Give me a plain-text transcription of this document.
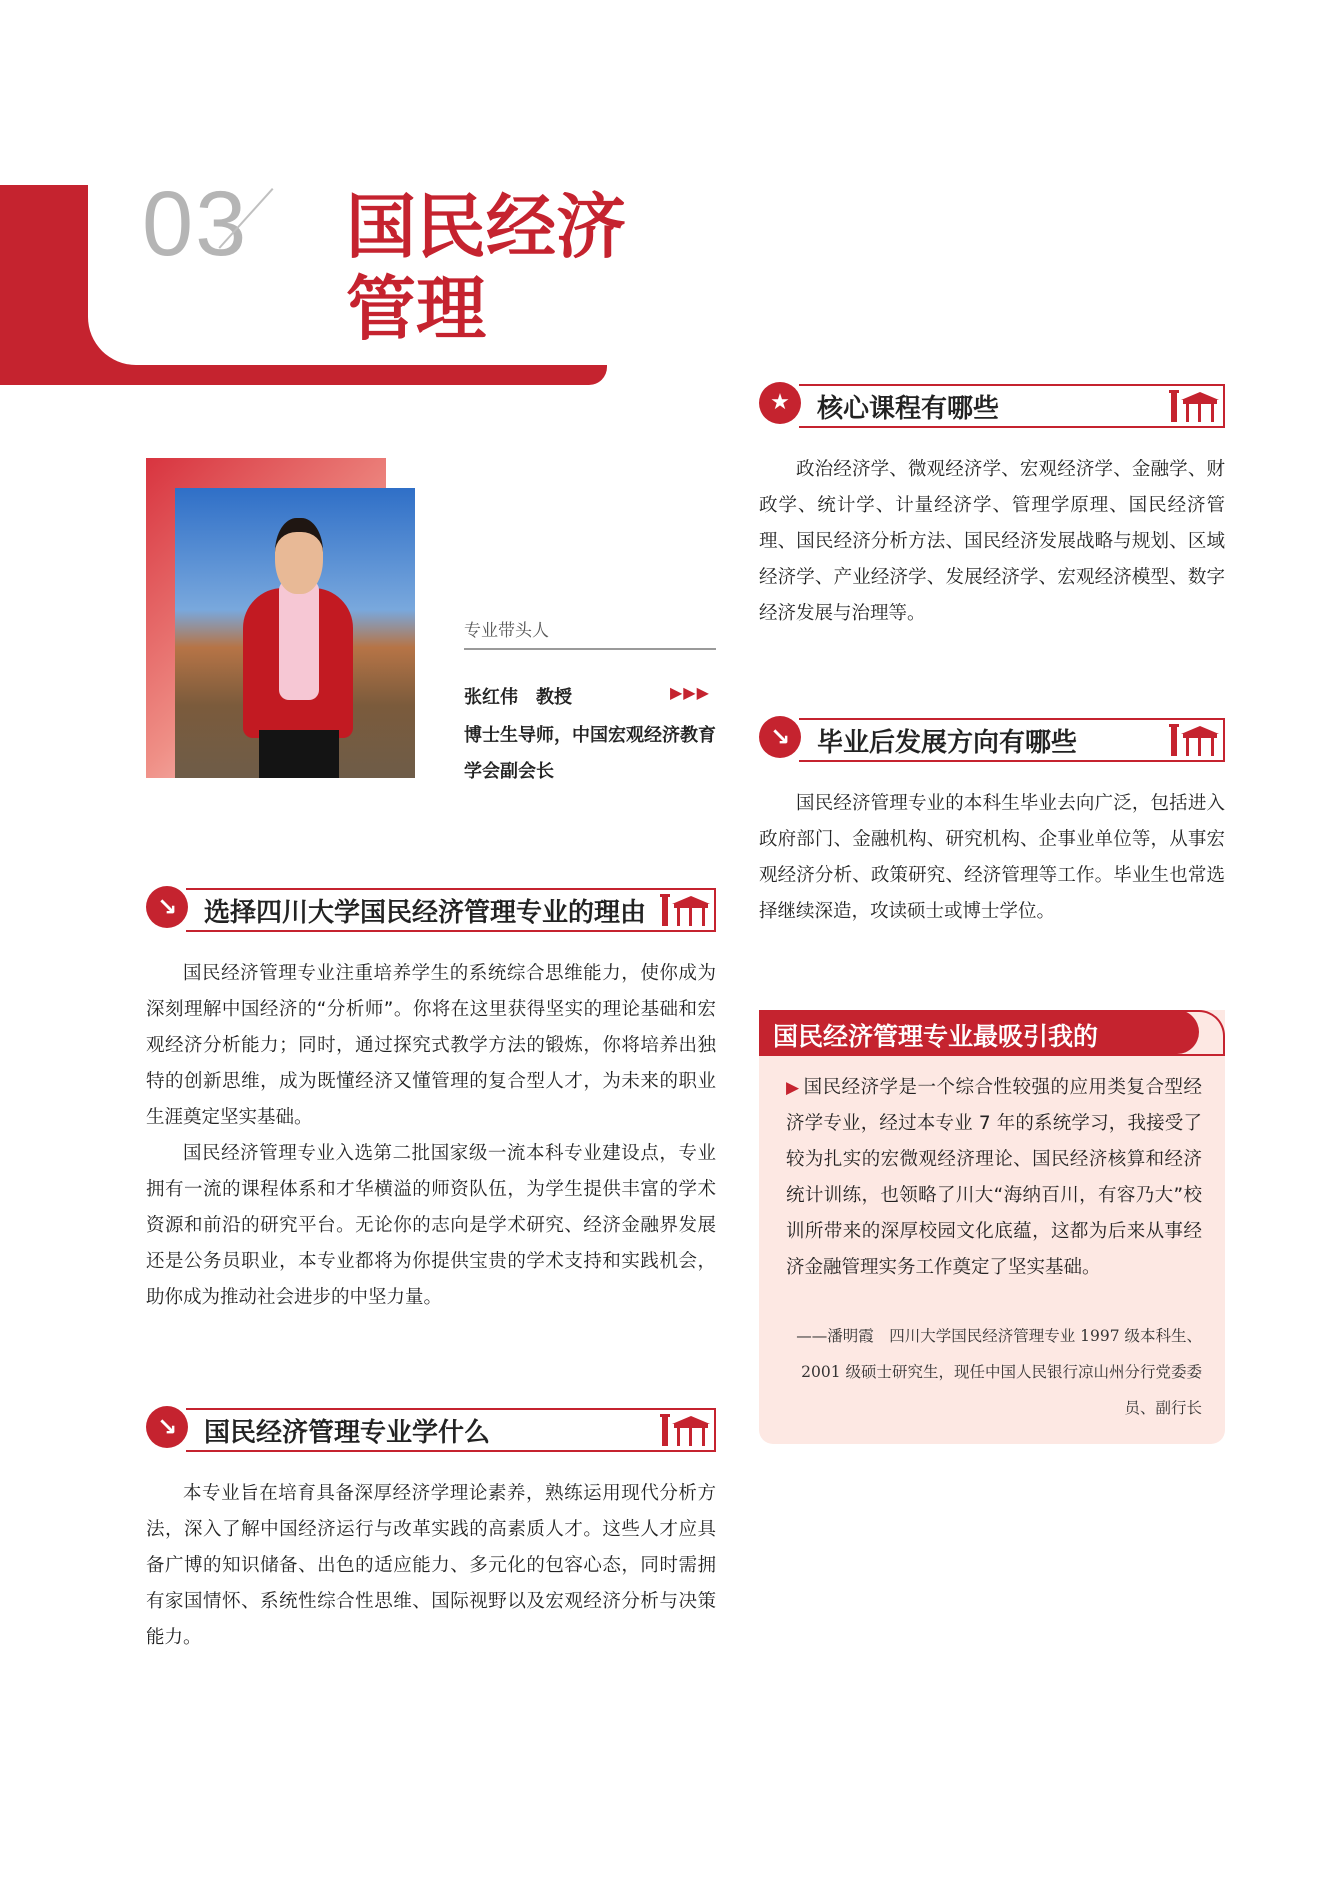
03 国民经济
管理
专业带头人
张红伟　教授	▶▶▶
博士生导师，中国宏观经济教育学会副会长
↘	选择四川大学国民经济管理专业的理由

国民经济管理专业注重培养学生的系统综合思维能力，使你成为深刻理解中国经济的“分析师”。你将在这里获得坚实的理论基础和宏观经济分析能力；同时，通过探究式教学方法的锻炼，你将培养出独特的创新思维，成为既懂经济又懂管理的复合型人才，为未来的职业生涯奠定坚实基础。

国民经济管理专业入选第二批国家级一流本科专业建设点，专业拥有一流的课程体系和才华横溢的师资队伍，为学生提供丰富的学术资源和前沿的研究平台。无论你的志向是学术研究、经济金融界发展还是公务员职业，本专业都将为你提供宝贵的学术支持和实践机会，助你成为推动社会进步的中坚力量。

↘	国民经济管理专业学什么

本专业旨在培育具备深厚经济学理论素养，熟练运用现代分析方法，深入了解中国经济运行与改革实践的高素质人才。这些人才应具备广博的知识储备、出色的适应能力、多元化的包容心态，同时需拥有家国情怀、系统性综合性思维、国际视野以及宏观经济分析与决策能力。

★	核心课程有哪些

政治经济学、微观经济学、宏观经济学、金融学、财政学、统计学、计量经济学、管理学原理、国民经济管理、国民经济分析方法、国民经济发展战略与规划、区域经济学、产业经济学、发展经济学、宏观经济模型、数字经济发展与治理等。

↘	毕业后发展方向有哪些

国民经济管理专业的本科生毕业去向广泛，包括进入政府部门、金融机构、研究机构、企事业单位等，从事宏观经济分析、政策研究、经济管理等工作。毕业生也常选择继续深造，攻读硕士或博士学位。

国民经济管理专业最吸引我的
▶ 国民经济学是一个综合性较强的应用类复合型经济学专业，经过本专业 7 年的系统学习，我接受了较为扎实的宏微观经济理论、国民经济核算和经济统计训练，也领略了川大“海纳百川，有容乃大”校训所带来的深厚校园文化底蕴，这都为后来从事经济金融管理实务工作奠定了坚实基础。
——潘明霞　四川大学国民经济管理专业 1997 级本科生、2001 级硕士研究生，现任中国人民银行凉山州分行党委委员、副行长
